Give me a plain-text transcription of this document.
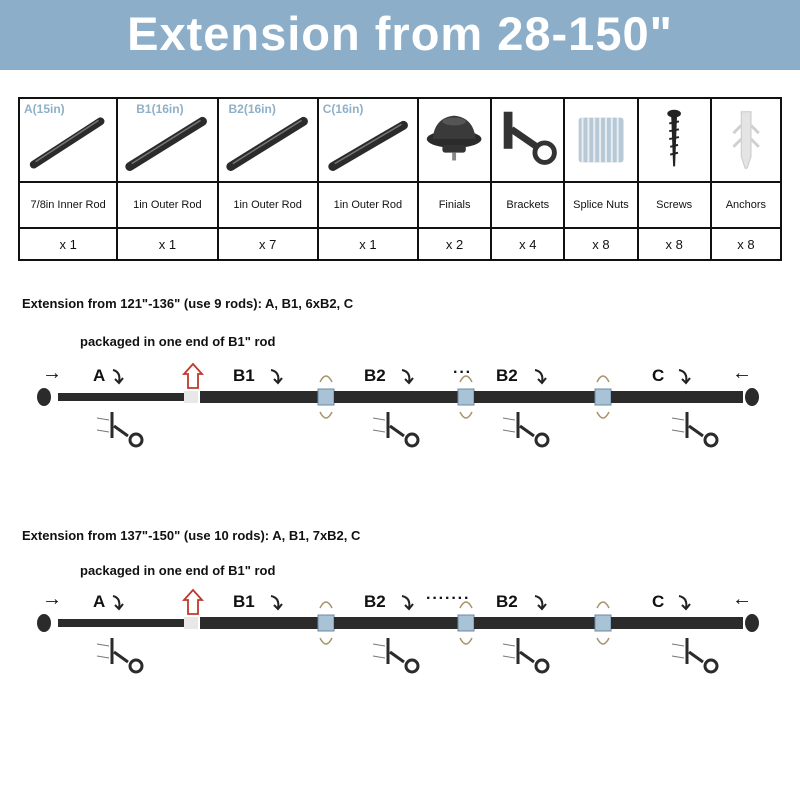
Extension from 28-150"
A(15in)	B1(16in)	B2(16in)	C(16in)

7/8in Inner Rod	1in Outer Rod	1in Outer Rod	1in Outer Rod	Finials	Brackets	Splice Nuts	Screws	Anchors
x 1	x 1	x 7	x 1	x 2	x 4	x 8	x 8	x 8
Extension from 121"-136" (use 9 rods): A, B1, 6xB2, C
packaged in one end of B1" rod
→ A	B1	B2	··· B2	C	←
Extension from 137"-150" (use 10 rods): A, B1, 7xB2, C
packaged in one end of B1" rod
→ A	B1	B2	······· B2	C	←
